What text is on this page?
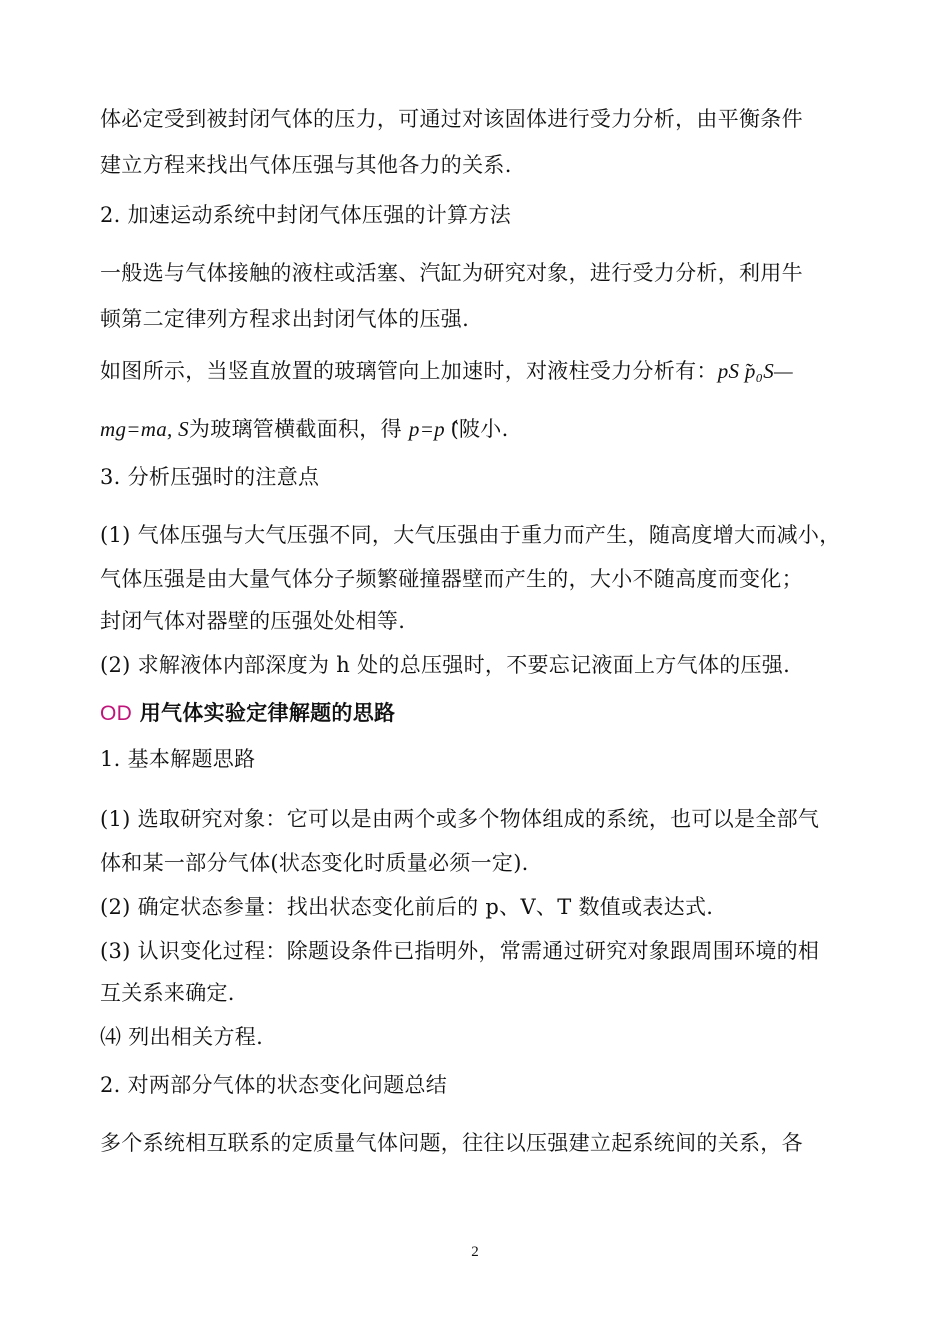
体必定受到被封闭气体的压力，可通过对该固体进行受力分析，由平衡条件
建立方程来找出气体压强与其他各力的关系.
2. 加速运动系统中封闭气体压强的计算方法
一般选与气体接触的液柱或活塞、汽缸为研究对象，进行受力分析，利用牛
顿第二定律列方程求出封闭气体的压强.
如图所示，当竖直放置的玻璃管向上加速时，对液柱受力分析有：pS ̃p₀S—
mg=ma, S为玻璃管横截面积，得 p=p ̂(陂小.
3. 分析压强时的注意点
(1) 气体压强与大气压强不同，大气压强由于重力而产生，随高度增大而减小，
气体压强是由大量气体分子频繁碰撞器壁而产生的，大小不随高度而变化；
封闭气体对器壁的压强处处相等.
(2) 求解液体内部深度为 h 处的总压强时，不要忘记液面上方气体的压强.
OD 用气体实验定律解题的思路
1. 基本解题思路
(1) 选取研究对象：它可以是由两个或多个物体组成的系统，也可以是全部气
体和某一部分气体(状态变化时质量必须一定).
(2) 确定状态参量：找出状态变化前后的 p、V、T 数值或表达式.
(3) 认识变化过程：除题设条件已指明外，常需通过研究对象跟周围环境的相
互关系来确定.
⑷ 列出相关方程.
2. 对两部分气体的状态变化问题总结
多个系统相互联系的定质量气体问题，往往以压强建立起系统间的关系，各
2
